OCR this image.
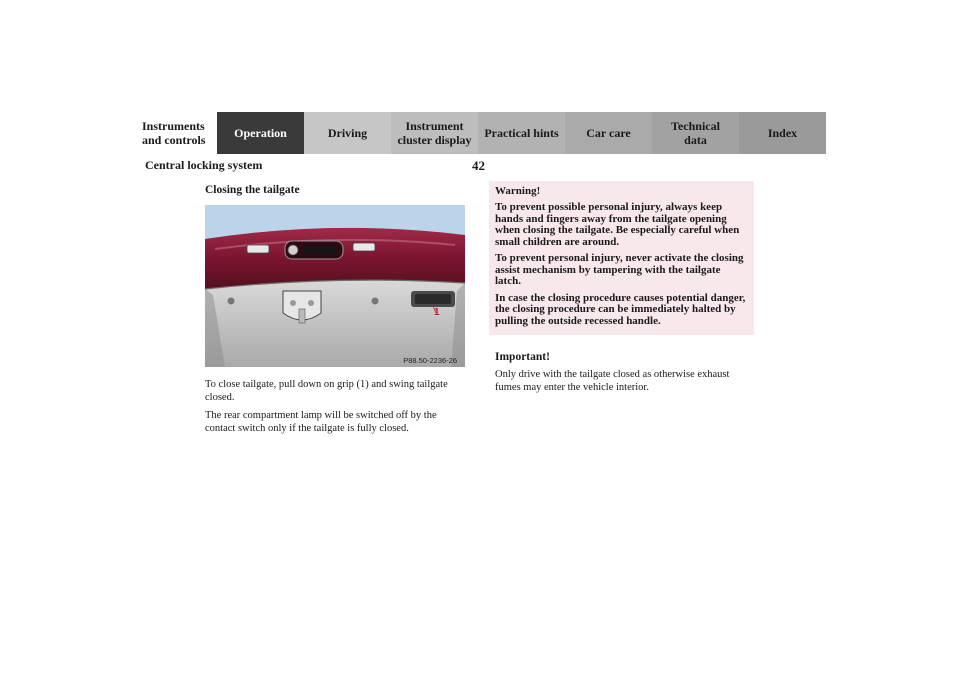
Instruments
and controls Operation	Driving	Instrument
cluster display Practical hints Car care	Technical
data	Index
Central locking system	42
Closing the tailgate
1
P88.50-2236-26

To close tailgate, pull down on grip (1) and swing tailgate closed.

The rear compartment lamp will be switched off by the contact switch only if the tailgate is fully closed.

Warning!

To prevent possible personal injury, always keep hands and fingers away from the tailgate opening when closing the tailgate. Be especially careful when small children are around.

To prevent personal injury, never activate the closing assist mechanism by tampering with the tailgate latch.

In case the closing procedure causes potential danger, the closing procedure can be immediately halted by pulling the outside recessed handle.

Important!

Only drive with the tailgate closed as otherwise exhaust fumes may enter the vehicle interior.
